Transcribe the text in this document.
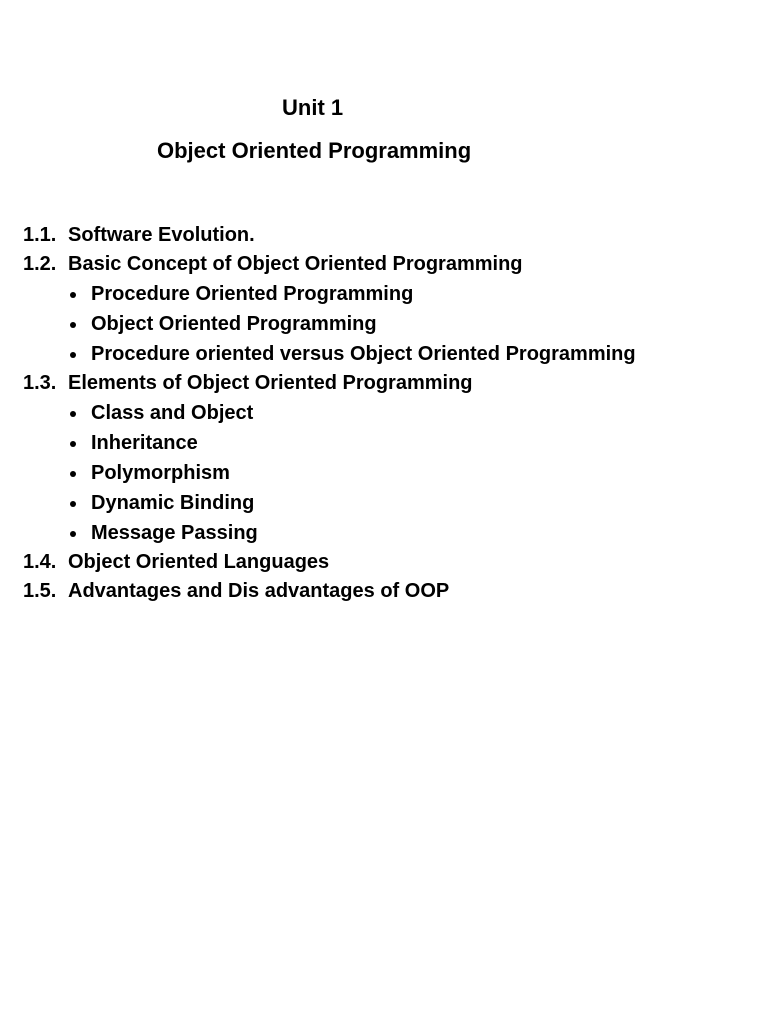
Unit 1
Object Oriented Programming
1.1. Software Evolution.
1.2. Basic Concept of Object Oriented Programming
Procedure Oriented Programming
Object Oriented Programming
Procedure oriented versus Object Oriented Programming
1.3. Elements of Object Oriented Programming
Class and Object
Inheritance
Polymorphism
Dynamic Binding
Message Passing
1.4. Object Oriented Languages
1.5. Advantages and Dis advantages of OOP
